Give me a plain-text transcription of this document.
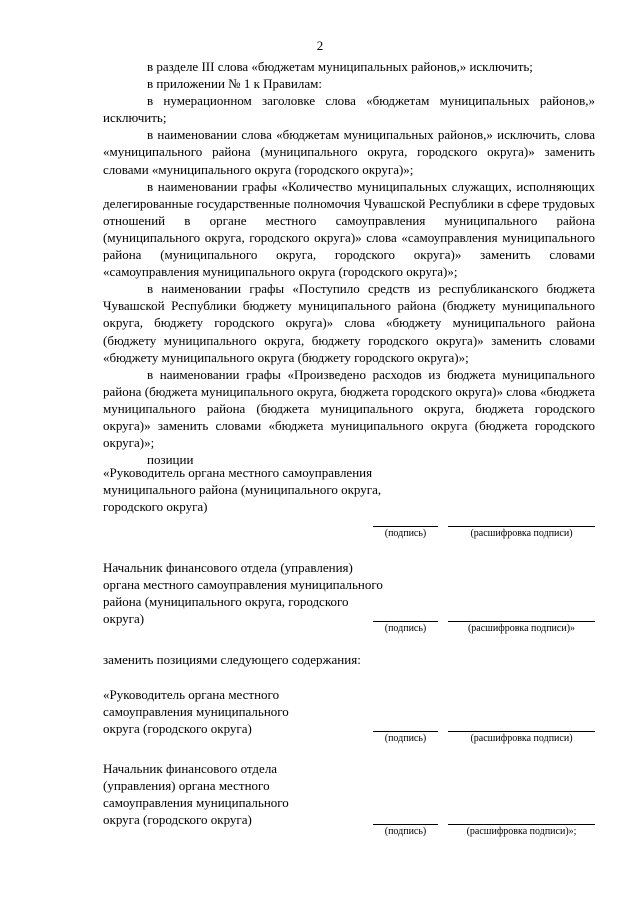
2

в разделе III слова «бюджетам муниципальных районов,» исключить;

в приложении № 1 к Правилам:

в нумерационном заголовке слова «бюджетам муниципальных районов,» исключить;

в наименовании слова «бюджетам муниципальных районов,» исключить, слова «муниципального района (муниципального округа, городского округа)» заменить словами «муниципального округа (городского округа)»;

в наименовании графы «Количество муниципальных служащих, исполняющих делегированные государственные полномочия Чувашской Республики в сфере трудовых отношений в органе местного самоуправления муниципального района (муниципального округа, городского округа)» слова «самоуправления муниципального района (муниципального округа, городского округа)» заменить словами «самоуправления муниципального округа (городского округа)»;

в наименовании графы «Поступило средств из республиканского бюджета Чувашской Республики бюджету муниципального района (бюджету муниципального округа, бюджету городского округа)» слова «бюджету муниципального района (бюджету муниципального округа, бюджету городского округа)» заменить словами «бюджету муниципального округа (бюджету городского округа)»;

в наименовании графы «Произведено расходов из бюджета муниципального района (бюджета муниципального округа, бюджета городского округа)» слова «бюджета муниципального района (бюджета муниципального округа, бюджета городского округа)» заменить словами «бюджета муниципального округа (бюджета городского округа)»;

позиции

«Руководитель органа местного самоуправления муниципального района (муниципального округа, городского округа)
(подпись)	(расшифровка подписи)
Начальник финансового отдела (управления) органа местного самоуправления муниципального района (муниципального округа, городского округа)
(подпись)	(расшифровка подписи)»
заменить позициями следующего содержания:
«Руководитель органа местного самоуправления муниципального округа (городского округа)
(подпись)	(расшифровка подписи)
Начальник финансового отдела (управления) органа местного самоуправления муниципального округа (городского округа)
(подпись)	(расшифровка подписи)»;
